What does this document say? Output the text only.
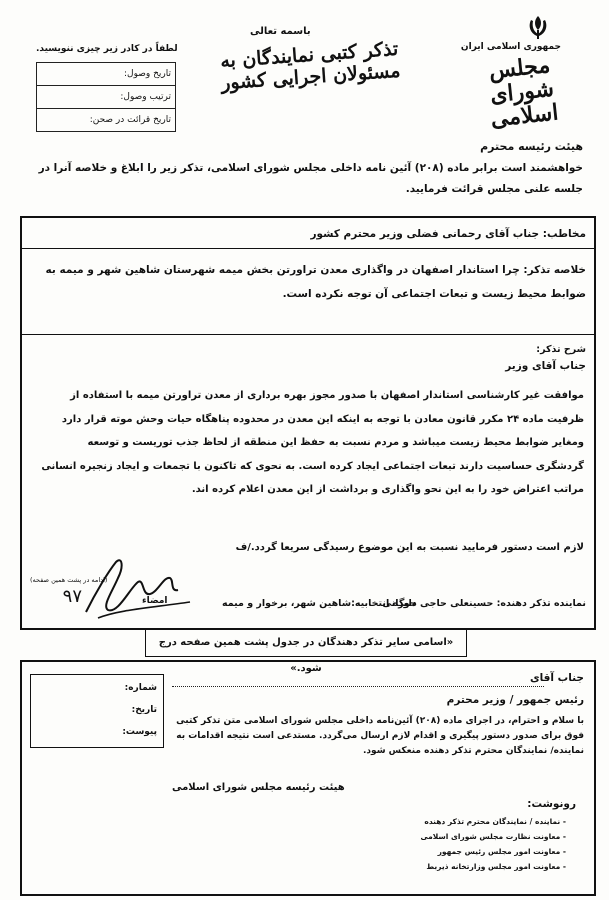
جمهوری اسلامی ایران
مجلس شورای اسلامی
باسمه تعالی
تذکر کتبی نمایندگان به مسئولان اجرایی کشور
لطفاً در کادر زیر چیزی ننویسید.
تاریخ وصول:
ترتیب وصول:
تاریخ قرائت در صحن:
هیئت رئیسه محترم
خواهشمند است برابر ماده (۲۰۸) آئین نامه داخلی مجلس شورای اسلامی، تذکر زیر را ابلاغ و خلاصه آنرا در جلسه علنی مجلس قرائت فرمایید.
مخاطب: جناب آقای رحمانی فضلی وزیر محترم کشور
خلاصه تذکر: چرا استاندار اصفهان در واگذاری معدن تراورتن بخش میمه شهرستان شاهین شهر و میمه به ضوابط محیط زیست و تبعات اجتماعی آن توجه نکرده است.
شرح تذکر:
جناب آقای وزیر
موافقت غیر کارشناسی استاندار اصفهان با صدور مجوز بهره برداری از معدن تراورتن میمه با استفاده از ظرفیت ماده ۲۴ مکرر قانون معادن با توجه به اینکه این معدن در محدوده پناهگاه حیات وحش موته قرار دارد ومغایر ضوابط محیط زیست میباشد و مردم نسبت به حفظ این منطقه از لحاظ جذب توریست و توسعه گردشگری حساسیت دارند تبعات اجتماعی ایجاد کرده است. به نحوی که تاکنون با تجمعات و ایجاد زنجیره انسانی مراتب اعتراض خود را به این نحو واگذاری و برداشت از این معدن اعلام کرده اند.
لازم است دستور فرمایید نسبت به این موضوع رسیدگی سریعا گردد./ف
(ادامه در پشت همین صفحه)
۹۷	امضاء	نماینده تذکر دهنده: حسینعلی حاجی دلیگانی
حوزه انتخابیه:شاهین شهر، برخوار و میمه
«اسامی سایر تذکر دهندگان در جدول پشت همین صفحه درج شود.»
جناب آقای
رئیس جمهور / وزیر محترم
شماره:
تاریخ:
پیوست:
با سلام و احترام، در اجرای ماده (۲۰۸) آئین‌نامه داخلی مجلس شورای اسلامی متن تذکر کتبی فوق برای صدور دستور پیگیری و اقدام لازم ارسال می‌گردد. مستدعی است نتیجه اقدامات به نماینده/ نمایندگان محترم تذکر دهنده منعکس شود.
هیئت رئیسه مجلس شورای اسلامی
رونوشت:
- نماینده / نمایندگان محترم تذکر دهنده
- معاونت نظارت مجلس شورای اسلامی
- معاونت امور مجلس رئیس جمهور
- معاونت امور مجلس وزارتخانه ذیربط
